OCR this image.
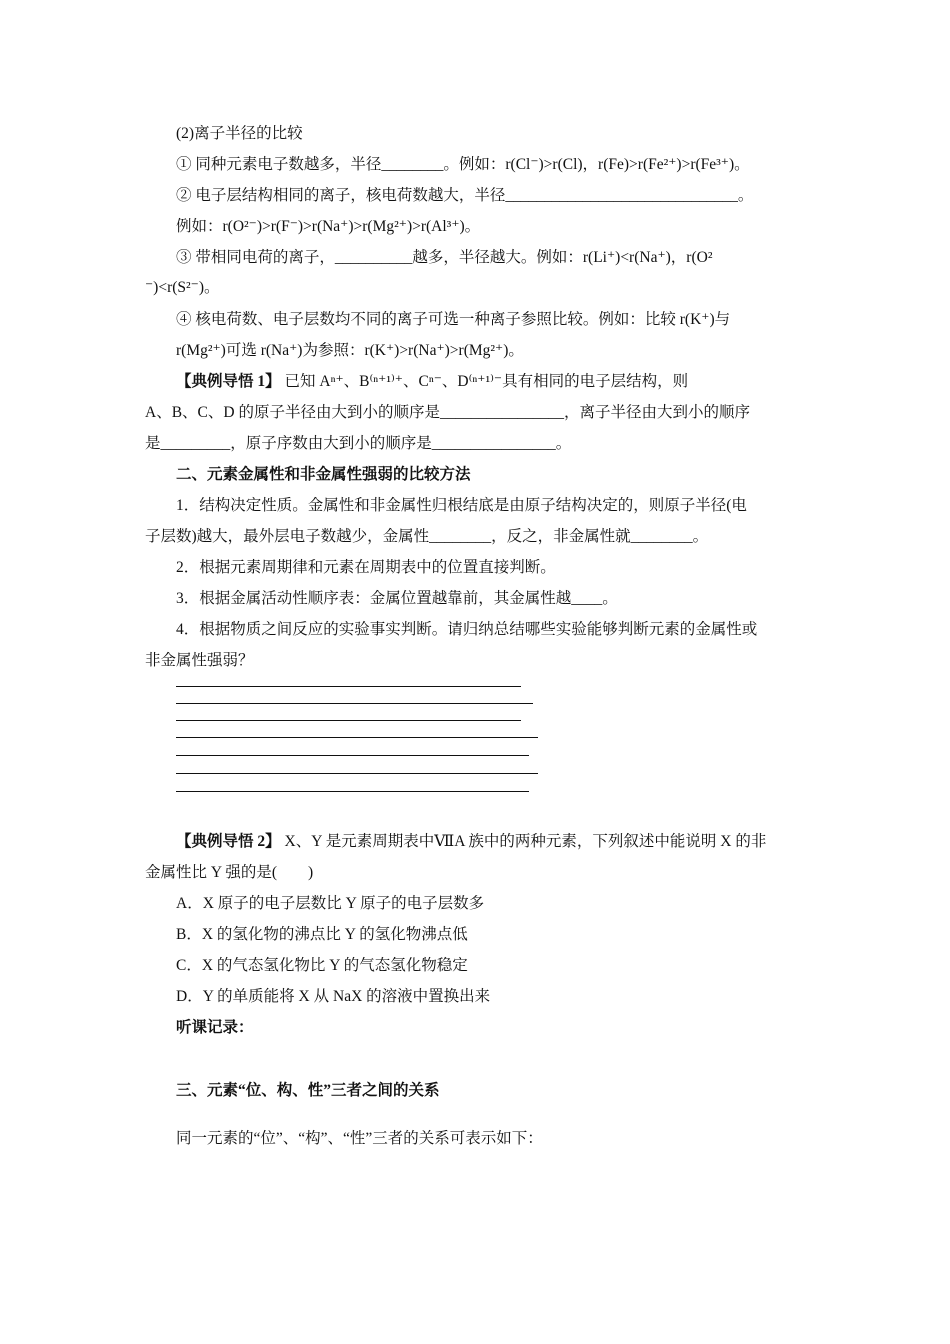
(2)离子半径的比较
① 同种元素电子数越多，半径________。例如：r(Cl⁻)>r(Cl)，r(Fe)>r(Fe²⁺)>r(Fe³⁺)。
② 电子层结构相同的离子，核电荷数越大，半径______________________________。
例如：r(O²⁻)>r(F⁻)>r(Na⁺)>r(Mg²⁺)>r(Al³⁺)。
③ 带相同电荷的离子，__________越多，半径越大。例如：r(Li⁺)<r(Na⁺)，r(O²
⁻)<r(S²⁻)。
④ 核电荷数、电子层数均不同的离子可选一种离子参照比较。例如：比较 r(K⁺)与
r(Mg²⁺)可选 r(Na⁺)为参照：r(K⁺)>r(Na⁺)>r(Mg²⁺)。
【典例导悟 1】 已知 Aⁿ⁺、B⁽ⁿ⁺¹⁾⁺、Cⁿ⁻、D⁽ⁿ⁺¹⁾⁻具有相同的电子层结构，则
A、B、C、D 的原子半径由大到小的顺序是________________，离子半径由大到小的顺序
是_________，原子序数由大到小的顺序是________________。
二、元素金属性和非金属性强弱的比较方法
1．结构决定性质。金属性和非金属性归根结底是由原子结构决定的，则原子半径(电
子层数)越大，最外层电子数越少，金属性________，反之，非金属性就________。
2．根据元素周期律和元素在周期表中的位置直接判断。
3．根据金属活动性顺序表：金属位置越靠前，其金属性越____。
4．根据物质之间反应的实验事实判断。请归纳总结哪些实验能够判断元素的金属性或
非金属性强弱？
【典例导悟 2】 X、Y 是元素周期表中ⅦA 族中的两种元素，下列叙述中能说明 X 的非
金属性比 Y 强的是(　　)
A．X 原子的电子层数比 Y 原子的电子层数多
B．X 的氢化物的沸点比 Y 的氢化物沸点低
C．X 的气态氢化物比 Y 的气态氢化物稳定
D．Y 的单质能将 X 从 NaX 的溶液中置换出来
听课记录：
三、元素“位、构、性”三者之间的关系
同一元素的“位”、“构”、“性”三者的关系可表示如下：
